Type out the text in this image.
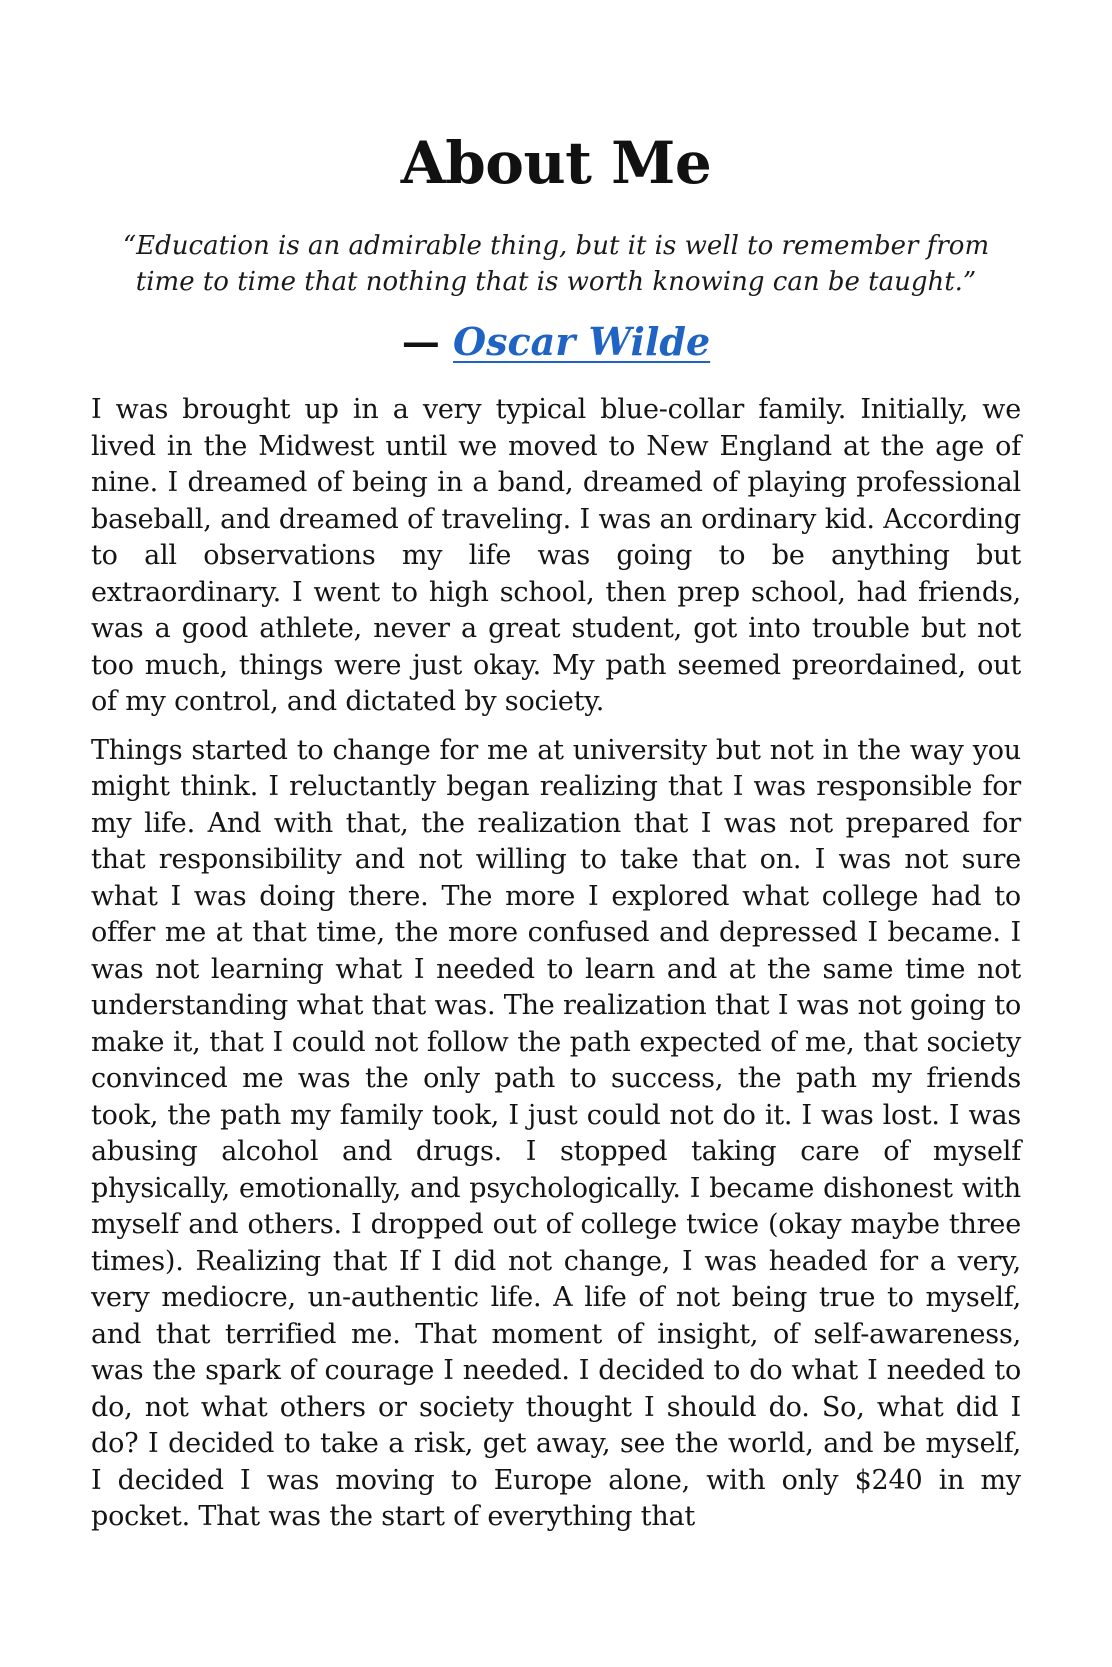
About Me
“Education is an admirable thing, but it is well to remember from time to time that nothing that is worth knowing can be taught.”
— Oscar Wilde

I was brought up in a very typical blue-collar family. Initially, we lived in the Midwest until we moved to New England at the age of nine. I dreamed of being in a band, dreamed of playing professional baseball, and dreamed of traveling. I was an ordinary kid. According to all observations my life was going to be anything but extraordinary. I went to high school, then prep school, had friends, was a good athlete, never a great student, got into trouble but not too much, things were just okay. My path seemed preordained, out of my control, and dictated by society.

Things started to change for me at university but not in the way you might think. I reluctantly began realizing that I was responsible for my life. And with that, the realization that I was not prepared for that responsibility and not willing to take that on. I was not sure what I was doing there. The more I explored what college had to offer me at that time, the more confused and depressed I became. I was not learning what I needed to learn and at the same time not understanding what that was. The realization that I was not going to make it, that I could not follow the path expected of me, that society convinced me was the only path to success, the path my friends took, the path my family took, I just could not do it. I was lost. I was abusing alcohol and drugs. I stopped taking care of myself physically, emotionally, and psychologically. I became dishonest with myself and others. I dropped out of college twice (okay maybe three times). Realizing that If I did not change, I was headed for a very, very mediocre, un-authentic life. A life of not being true to myself, and that terrified me. That moment of insight, of self-awareness, was the spark of courage I needed. I decided to do what I needed to do, not what others or society thought I should do. So, what did I do? I decided to take a risk, get away, see the world, and be myself, I decided I was moving to Europe alone, with only $240 in my pocket. That was the start of everything that
